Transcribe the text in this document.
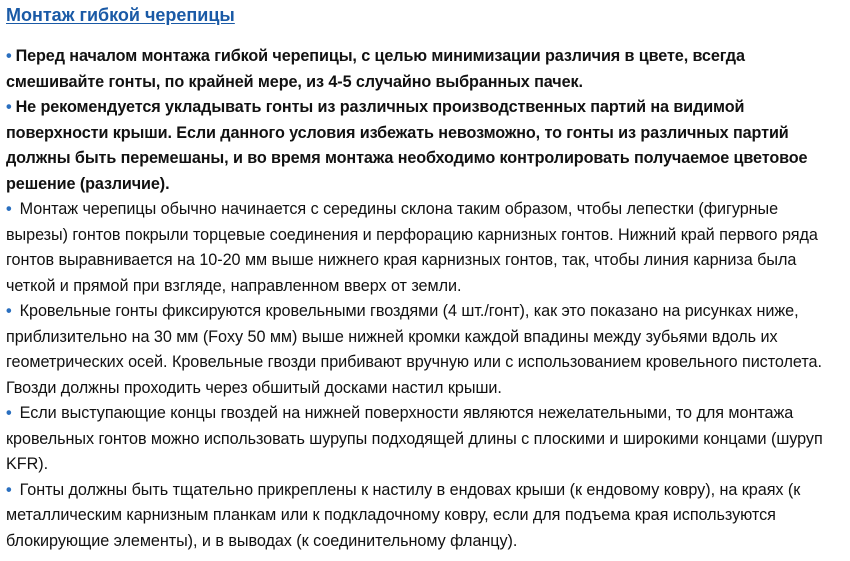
Монтаж гибкой черепицы
• Перед началом монтажа гибкой черепицы, с целью минимизации различия в цвете, всегда смешивайте гонты, по крайней мере, из 4-5 случайно выбранных пачек.
• Не рекомендуется укладывать гонты из различных производственных партий на видимой поверхности крыши. Если данного условия избежать невозможно, то гонты из различных партий должны быть перемешаны, и во время монтажа необходимо контролировать получаемое цветовое решение (различие).
• Монтаж черепицы обычно начинается с середины склона таким образом, чтобы лепестки (фигурные вырезы) гонтов покрыли торцевые соединения и перфорацию карнизных гонтов. Нижний край первого ряда гонтов выравнивается на 10-20 мм выше нижнего края карнизных гонтов, так, чтобы линия карниза была четкой и прямой при взгляде, направленном вверх от земли.
• Кровельные гонты фиксируются кровельными гвоздями (4 шт./гонт), как это показано на рисунках ниже, приблизительно на 30 мм (Foxy 50 мм) выше нижней кромки каждой впадины между зубьями вдоль их геометрических осей. Кровельные гвозди прибивают вручную или с использованием кровельного пистолета. Гвозди должны проходить через обшитый досками настил крыши.
• Если выступающие концы гвоздей на нижней поверхности являются нежелательными, то для монтажа кровельных гонтов можно использовать шурупы подходящей длины с плоскими и широкими концами (шуруп KFR).
• Гонты должны быть тщательно прикреплены к настилу в ендовах крыши (к ендовому ковру), на краях (к металлическим карнизным планкам или к подкладочному ковру, если для подъема края используются блокирующие элементы), и в выводах (к соединительному фланцу).
